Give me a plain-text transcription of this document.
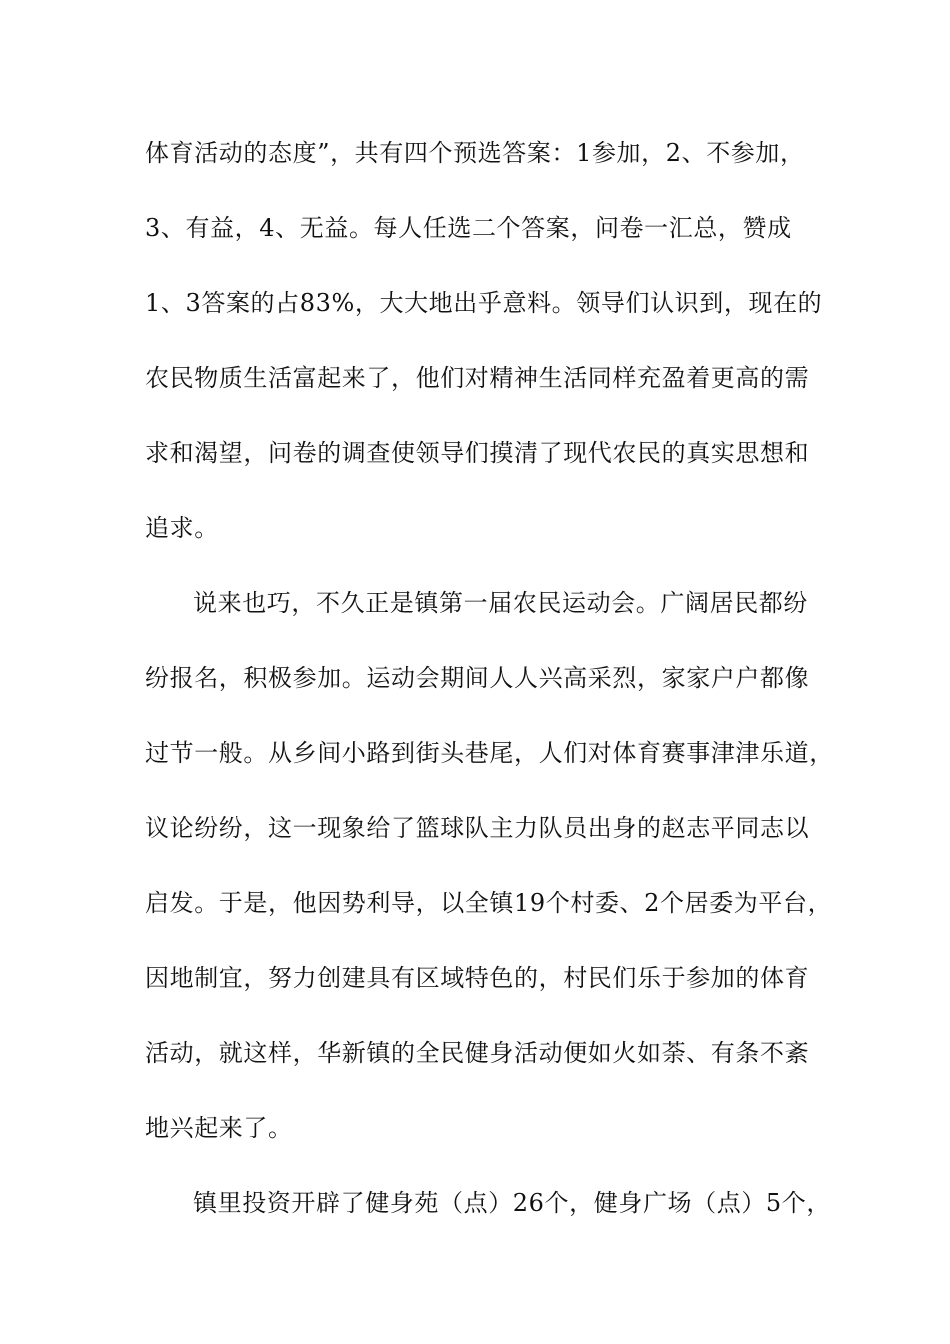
体育活动的态度”，共有四个预选答案：1参加，2、不参加，
3、有益，4、无益。每人任选二个答案，问卷一汇总，赞成
1、3答案的占83%，大大地出乎意料。领导们认识到，现在的
农民物质生活富起来了，他们对精神生活同样充盈着更高的需
求和渴望，问卷的调查使领导们摸清了现代农民的真实思想和
追求。
说来也巧，不久正是镇第一届农民运动会。广阔居民都纷
纷报名，积极参加。运动会期间人人兴高采烈，家家户户都像
过节一般。从乡间小路到街头巷尾，人们对体育赛事津津乐道，
议论纷纷，这一现象给了篮球队主力队员出身的赵志平同志以
启发。于是，他因势利导，以全镇19个村委、2个居委为平台，
因地制宜，努力创建具有区域特色的，村民们乐于参加的体育
活动，就这样，华新镇的全民健身活动便如火如荼、有条不紊
地兴起来了。
镇里投资开辟了健身苑（点）26个，健身广场（点）5个，
